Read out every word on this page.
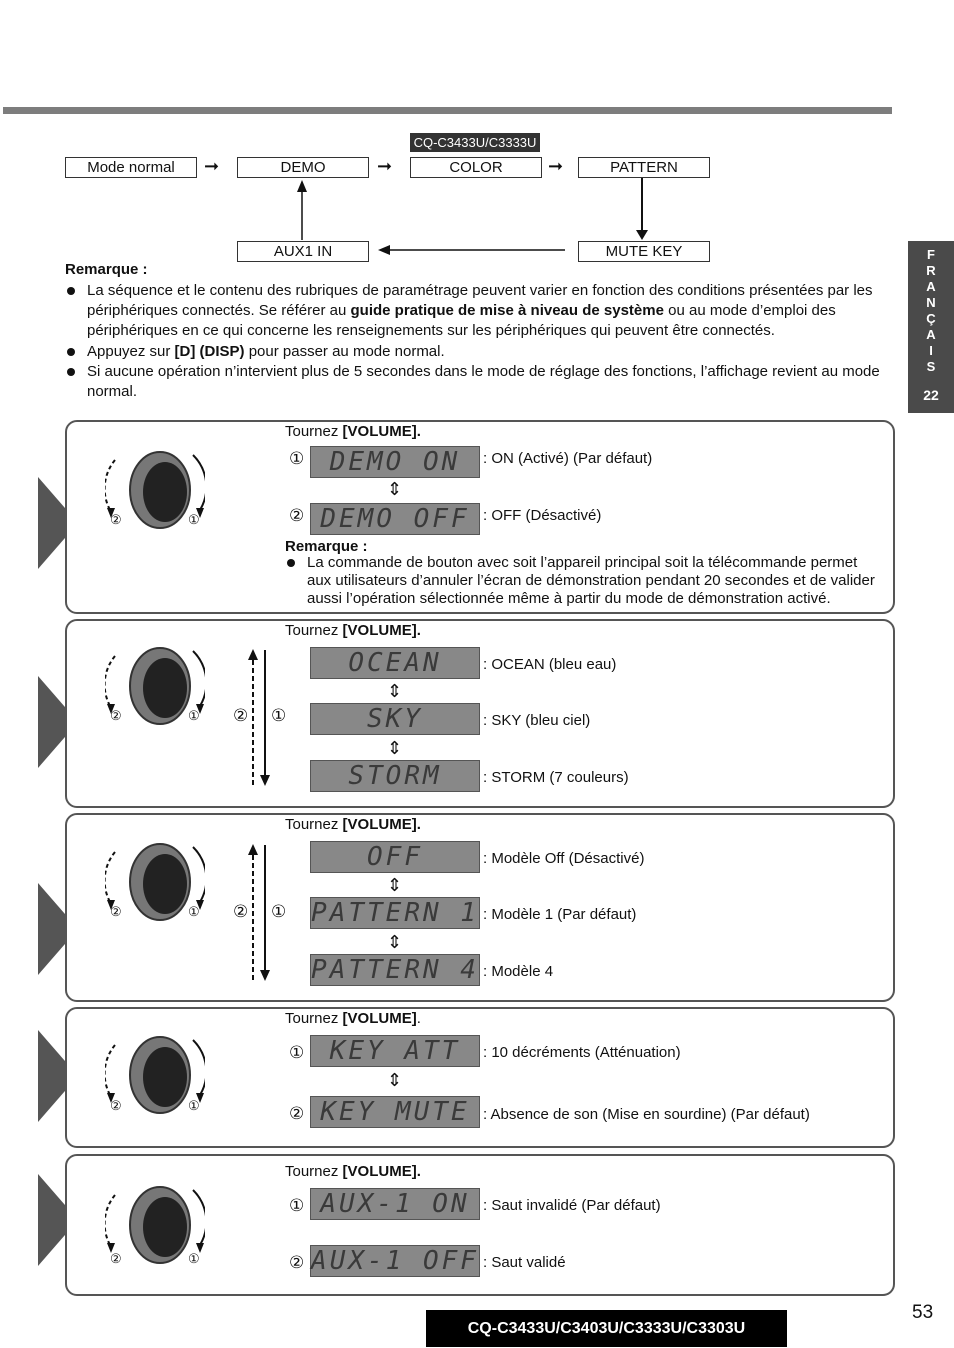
CQ-C3433U/C3333U
Mode normal	➞	DEMO	➞	COLOR	➞	PATTERN
AUX1 IN	MUTE KEY	F
R
A
N
Ç
A
I
S
22
Remarque :
La séquence et le contenu des rubriques de paramétrage peuvent varier en fonction des conditions présentées par les périphériques connectés. Se référer au guide pratique de mise à niveau de système ou au mode d’emploi des périphériques en ce qui concerne les renseignements sur les périphériques qui peuvent être connectés.
Appuyez sur [D] (DISP) pour passer au mode normal.
Si aucune opération n’intervient plus de 5 secondes dans le mode de réglage des fonctions, l’affichage revient au mode normal.
②	①
Tournez [VOLUME].
① DEMO ON	: ON (Activé) (Par défaut)
⇕
② DEMO OFF : OFF (Désactivé)
Remarque :
La commande de bouton avec soit l’appareil principal soit la télécommande permet aux utilisateurs d’annuler l’écran de démonstration pendant 20 secondes et de valider aussi l’opération sélectionnée même à partir du mode de démonstration activé.
②	① ② ①
Tournez [VOLUME].
OCEAN	: OCEAN (bleu eau)
⇕
SKY	: SKY (bleu ciel)
⇕
STORM	: STORM (7 couleurs)
②	① ② ①
Tournez [VOLUME].
OFF	: Modèle Off (Désactivé)
⇕
PATTERN 1 : Modèle 1 (Par défaut)
⇕
PATTERN 4 : Modèle 4
②	①
Tournez [VOLUME].
① KEY ATT	: 10 décréments (Atténuation)
⇕
② KEY MUTE : Absence de son (Mise en sourdine) (Par défaut)
②	①
Tournez [VOLUME].
① AUX-1 ON : Saut invalidé (Par défaut)
② AUX-1 OFF : Saut validé
CQ-C3433U/C3403U/C3333U/C3303U
53
